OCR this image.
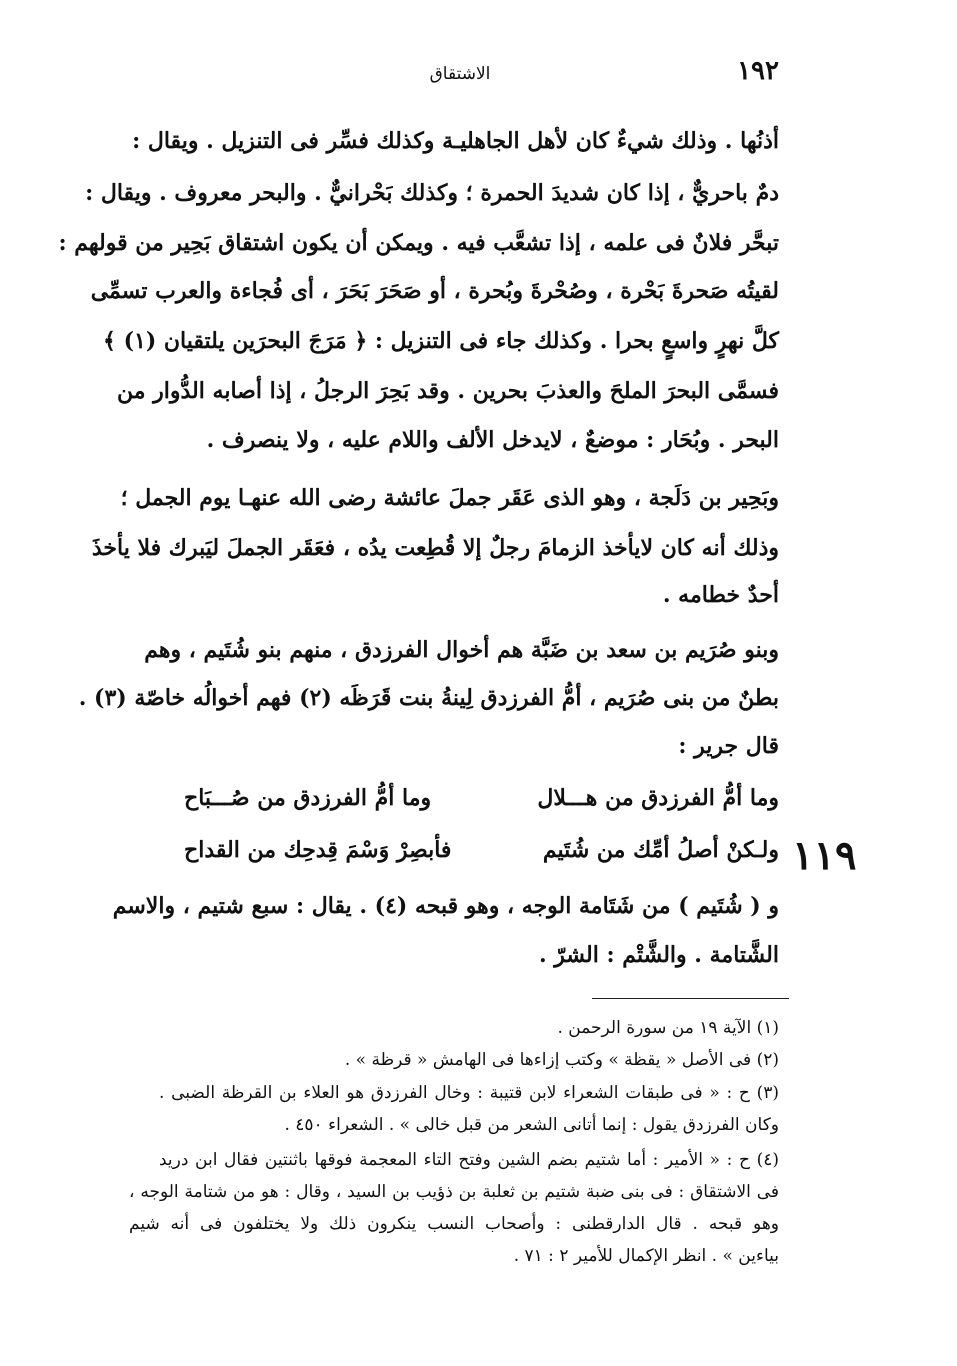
الاشتقاق	١٩٢
١١٩
أذنُها . وذلك شيءٌ كان لأهل الجاهليـة وكذلك فسِّر فى التنزيل . ويقال :
دمٌ باحريٌّ ، إذا كان شديدَ الحمرة ؛ وكذلك بَحْرانيٌّ . والبحر معروف . ويقال :
تبحَّر فلانٌ فى علمه ، إذا تشعَّب فيه . ويمكن أن يكون اشتقاق بَحِير من قولهم :
لقيتُه صَحرةَ بَحْرة ، وصُحْرةَ وبُحرة ، أو صَحَرَ بَحَرَ ، أى فُجاءة والعرب تسمِّى
كلَّ نهرٍ واسعٍ بحرا . وكذلك جاء فى التنزيل : ﴿ مَرَجَ البحرَين يلتقيان (١) ﴾
فسمَّى البحرَ الملحَ والعذبَ بحرين . وقد بَحِرَ الرجلُ ، إذا أصابه الدُّوار من
البحر . وبُحَار : موضعٌ ، لايدخل الألف واللام عليه ، ولا ينصرف .
وبَحِير بن دَلَجة ، وهو الذى عَقَر جملَ عائشة رضى الله عنهـا يوم الجمل ؛
وذلك أنه كان لايأخذ الزمامَ رجلٌ إلا قُطِعت يدُه ، فعَقَر الجملَ ليَبرك فلا يأخذَ
أحدٌ خطامه .
وبنو صُرَيم بن سعد بن ضَبَّة هم أخوال الفرزدق ، منهم بنو شُتَيم ، وهم
بطنٌ من بنى صُرَيم ، أمُّ الفرزدق لِينةُ بنت قَرَظَه (٢) فهم أخوالُه خاصّة (٣) .
قال جرير :
وما أمُّ الفرزدق من هـــلالوما أمُّ الفرزدق من صُـــبَاح
ولـكنْ أصلُ أمِّك من شُتَيمفأبصِرْ وَسْمَ قِدحِك من القداح
و ( شُتَيم ) من شَتَامة الوجه ، وهو قبحه (٤) . يقال : سبع شتيم ، والاسم
الشَّتامة . والشَّتْم : الشرّ .
(١) الآية ١٩ من سورة الرحمن .
(٢) فى الأصل « يقظة » وكتب إزاءها فى الهامش « قرظة » .
(٣) ح : « فى طبقات الشعراء لابن قتيبة : وخال الفرزدق هو العلاء بن القرظة الضبى .
وكان الفرزدق يقول : إنما أتانى الشعر من قبل خالى » . الشعراء ٤٥٠ .
(٤) ح : « الأمير : أما شتيم بضم الشين وفتح التاء المعجمة فوقها باثنتين فقال ابن دريد
فى الاشتقاق : فى بنى ضبة شتيم بن ثعلبة بن ذؤيب بن السيد ، وقال : هو من شتامة الوجه ،
وهو قبحه . قال الدارقطنى : وأصحاب النسب ينكرون ذلك ولا يختلفون فى أنه شيم
بياءين » . انظر الإكمال للأمير ٢ : ٧١ .
